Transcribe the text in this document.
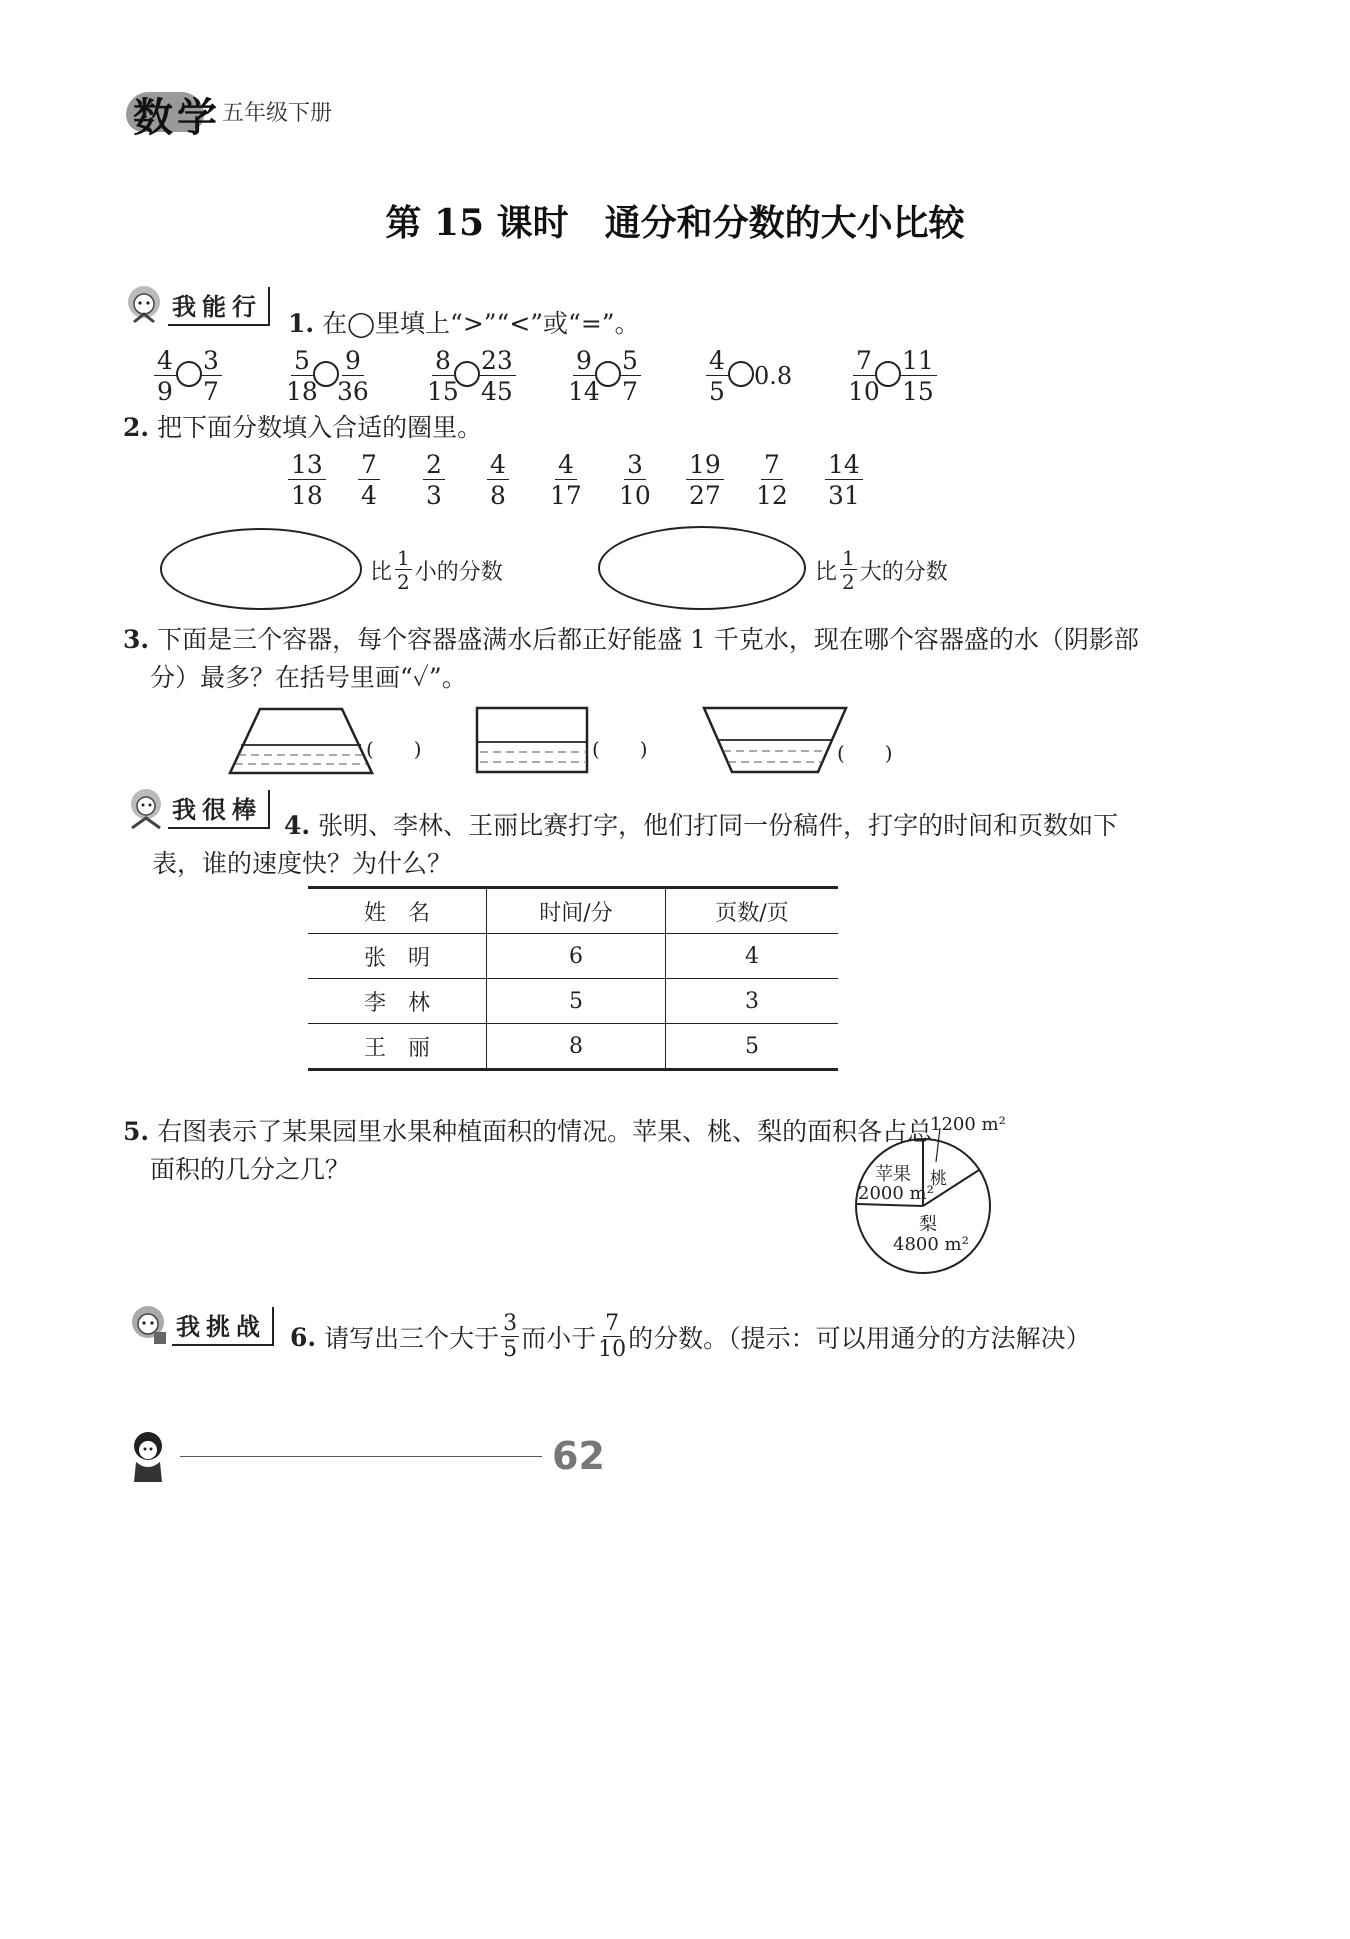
数学 五年级下册
第 15 课时　通分和分数的大小比较
我能行
1. 在◯里填上“>”“<”或“=”。
4
9
3
7
5
18
9
36
8
15
23
45
9
14
5
7
4
5
0.8
7
10
11
15
2. 把下面分数填入合适的圈里。
13
18
7
4
2
3
4
8
4
17
3
10
19
27
7
12
14
31
比
1
2 小的分数	比
1
2 大的分数
3. 下面是三个容器，每个容器盛满水后都正好能盛 1 千克水，现在哪个容器盛的水（阴影部
分）最多？在括号里画“✓”。
(　　)	(　　)	(　　)
我很棒
4. 张明、李林、王丽比赛打字，他们打同一份稿件，打字的时间和页数如下
表，谁的速度快？为什么？
姓　名	时间/分	页数/页
张　明	6	4
李　林	5	3
王　丽	8	5
5. 右图表示了某果园里水果种植面积的情况。苹果、桃、梨的面积各占总
面积的几分之几？
1200 m²
桃
苹果
2000 m²
梨
4800 m²
我挑战 6. 请写出三个大于
3
5 而小于
7
10 的分数。（提示：可以用通分的方法解决）
62
